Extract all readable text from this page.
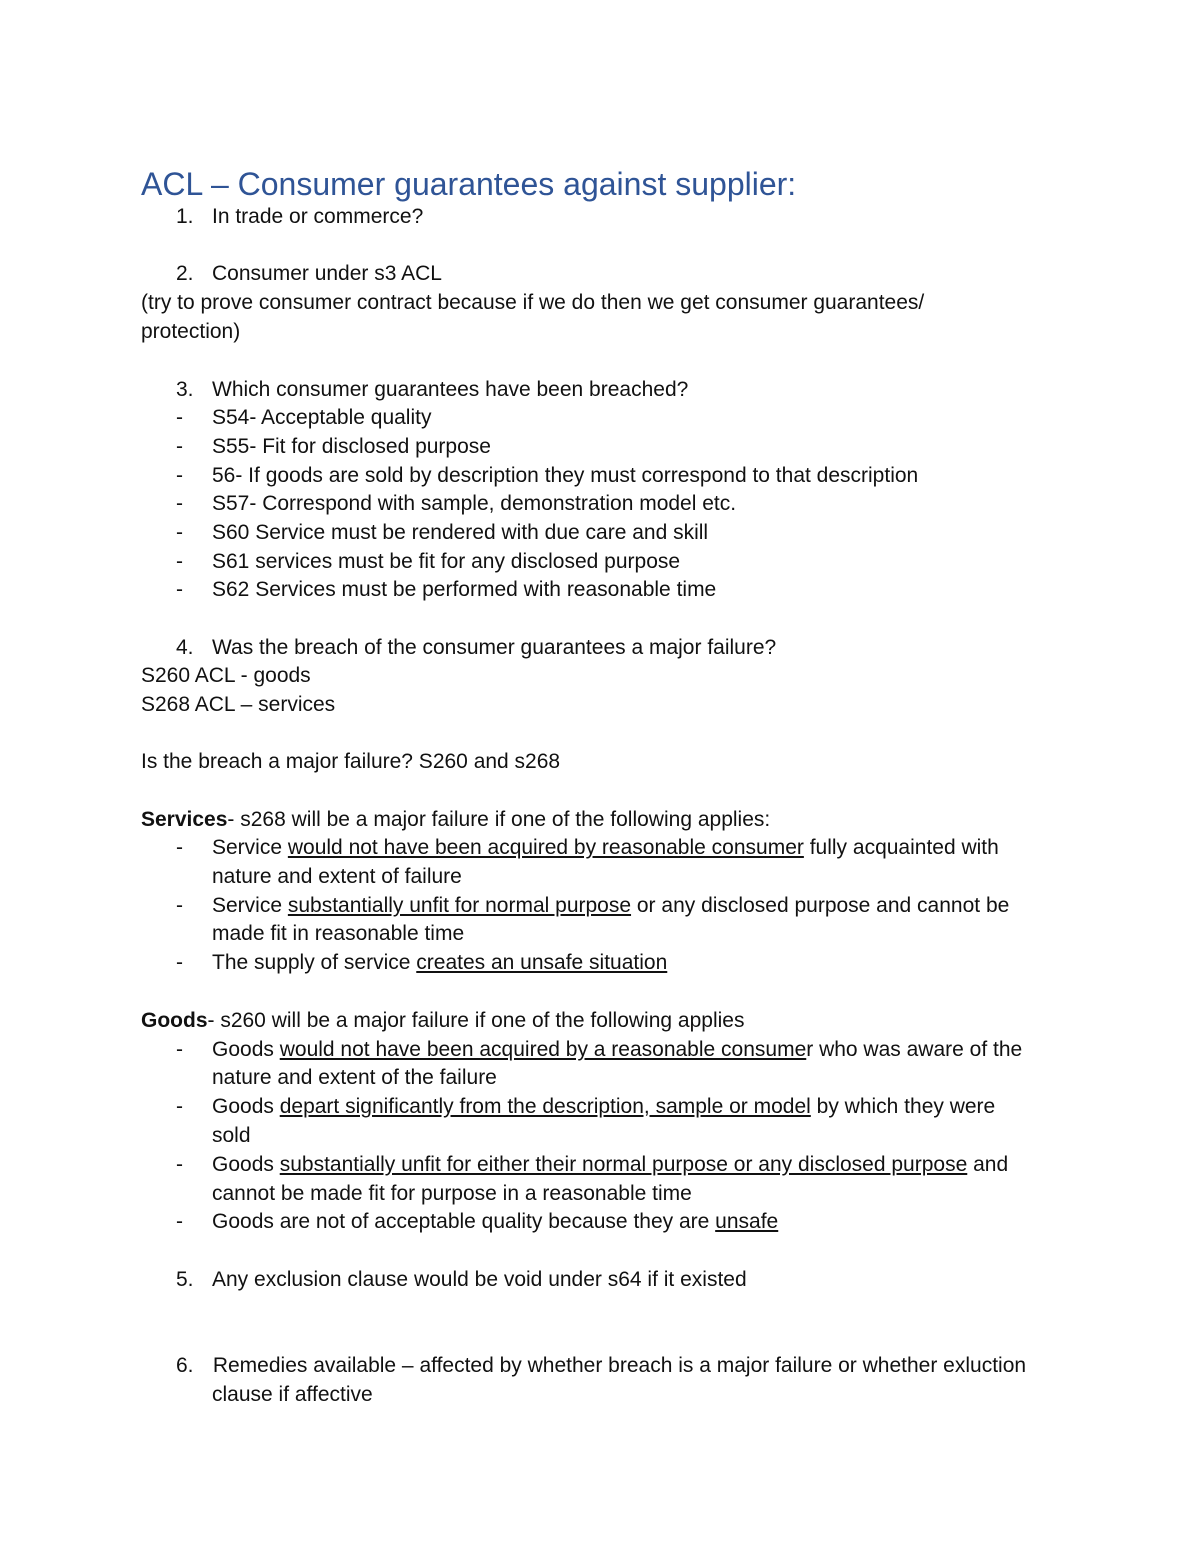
ACL – Consumer guarantees against supplier:
1. In trade or commerce?

2. Consumer under s3 ACL

(try to prove consumer contract because if we do then we get consumer guarantees/

protection)

3. Which consumer guarantees have been breached?

- S54- Acceptable quality

- S55- Fit for disclosed purpose

- 56- If goods are sold by description they must correspond to that description

- S57- Correspond with sample, demonstration model etc.

- S60 Service must be rendered with due care and skill

- S61 services must be fit for any disclosed purpose

- S62 Services must be performed with reasonable time

4. Was the breach of the consumer guarantees a major failure?

S260 ACL - goods

S268 ACL – services

Is the breach a major failure? S260 and s268

Services- s268 will be a major failure if one of the following applies:

- Service would not have been acquired by reasonable consumer fully acquainted with

nature and extent of failure

- Service substantially unfit for normal purpose or any disclosed purpose and cannot be

made fit in reasonable time

- The supply of service creates an unsafe situation

Goods- s260 will be a major failure if one of the following applies

- Goods would not have been acquired by a reasonable consumer who was aware of the

nature and extent of the failure

- Goods depart significantly from the description, sample or model by which they were

sold

- Goods substantially unfit for either their normal purpose or any disclosed purpose and

cannot be made fit for purpose in a reasonable time

- Goods are not of acceptable quality because they are unsafe

5. Any exclusion clause would be void under s64 if it existed

6. Remedies available – affected by whether breach is a major failure or whether exluction

clause if affective
